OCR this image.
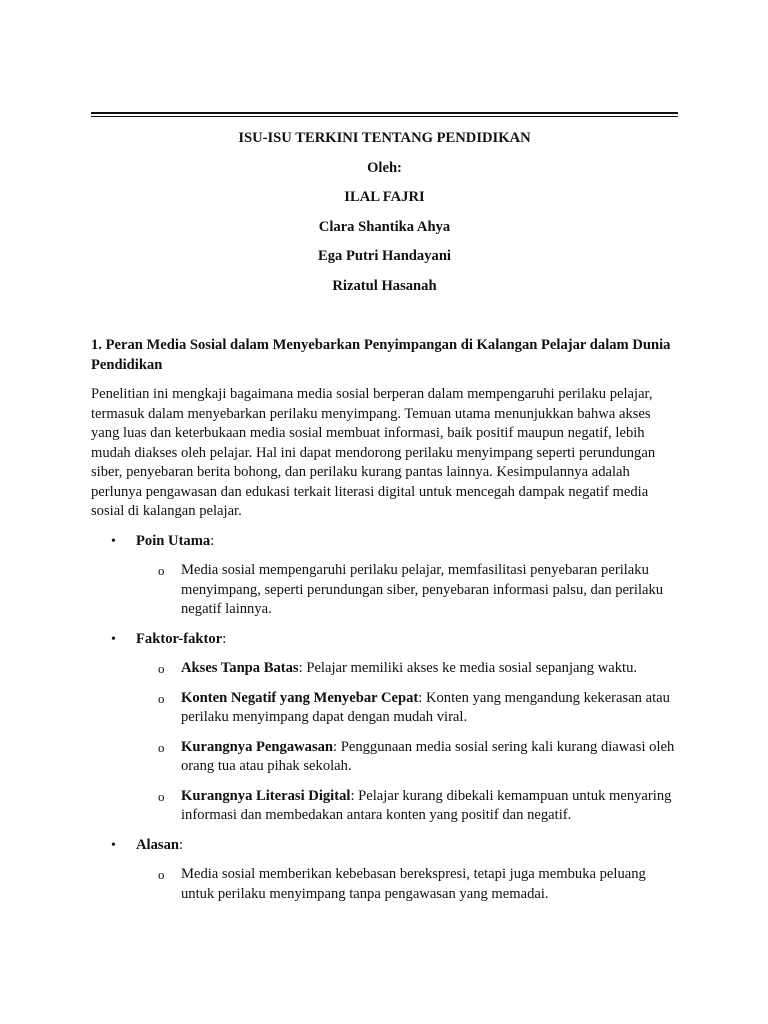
ISU-ISU TERKINI TENTANG PENDIDIKAN
Oleh:
ILAL FAJRI
Clara Shantika Ahya
Ega Putri Handayani
Rizatul Hasanah
1. Peran Media Sosial dalam Menyebarkan Penyimpangan di Kalangan Pelajar dalam Dunia Pendidikan
Penelitian ini mengkaji bagaimana media sosial berperan dalam mempengaruhi perilaku pelajar, termasuk dalam menyebarkan perilaku menyimpang. Temuan utama menunjukkan bahwa akses yang luas dan keterbukaan media sosial membuat informasi, baik positif maupun negatif, lebih mudah diakses oleh pelajar. Hal ini dapat mendorong perilaku menyimpang seperti perundungan siber, penyebaran berita bohong, dan perilaku kurang pantas lainnya. Kesimpulannya adalah perlunya pengawasan dan edukasi terkait literasi digital untuk mencegah dampak negatif media sosial di kalangan pelajar.
• Poin Utama:
o Media sosial mempengaruhi perilaku pelajar, memfasilitasi penyebaran perilaku menyimpang, seperti perundungan siber, penyebaran informasi palsu, dan perilaku negatif lainnya.
• Faktor-faktor:
o Akses Tanpa Batas: Pelajar memiliki akses ke media sosial sepanjang waktu.
o Konten Negatif yang Menyebar Cepat: Konten yang mengandung kekerasan atau perilaku menyimpang dapat dengan mudah viral.
o Kurangnya Pengawasan: Penggunaan media sosial sering kali kurang diawasi oleh orang tua atau pihak sekolah.
o Kurangnya Literasi Digital: Pelajar kurang dibekali kemampuan untuk menyaring informasi dan membedakan antara konten yang positif dan negatif.
• Alasan:
o Media sosial memberikan kebebasan berekspresi, tetapi juga membuka peluang untuk perilaku menyimpang tanpa pengawasan yang memadai.
